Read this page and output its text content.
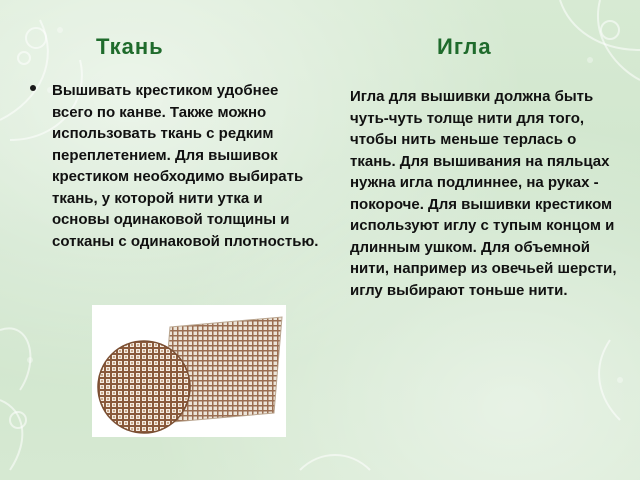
Ткань	Игла
Вышивать крестиком удобнее всего по канве. Также можно использовать ткань с редким переплетением. Для вышивок крестиком необходимо выбирать ткань, у которой нити утка и основы одинаковой толщины и сотканы с одинаковой плотностью.
Игла для вышивки должна быть чуть-чуть толще нити для того, чтобы нить меньше терлась о ткань. Для вышивания на пяльцах нужна игла подлиннее, на руках - покороче. Для вышивки крестиком используют иглу с тупым концом и длинным ушком. Для объемной нити, например из овечьей шерсти, иглу выбирают тоньше нити.
